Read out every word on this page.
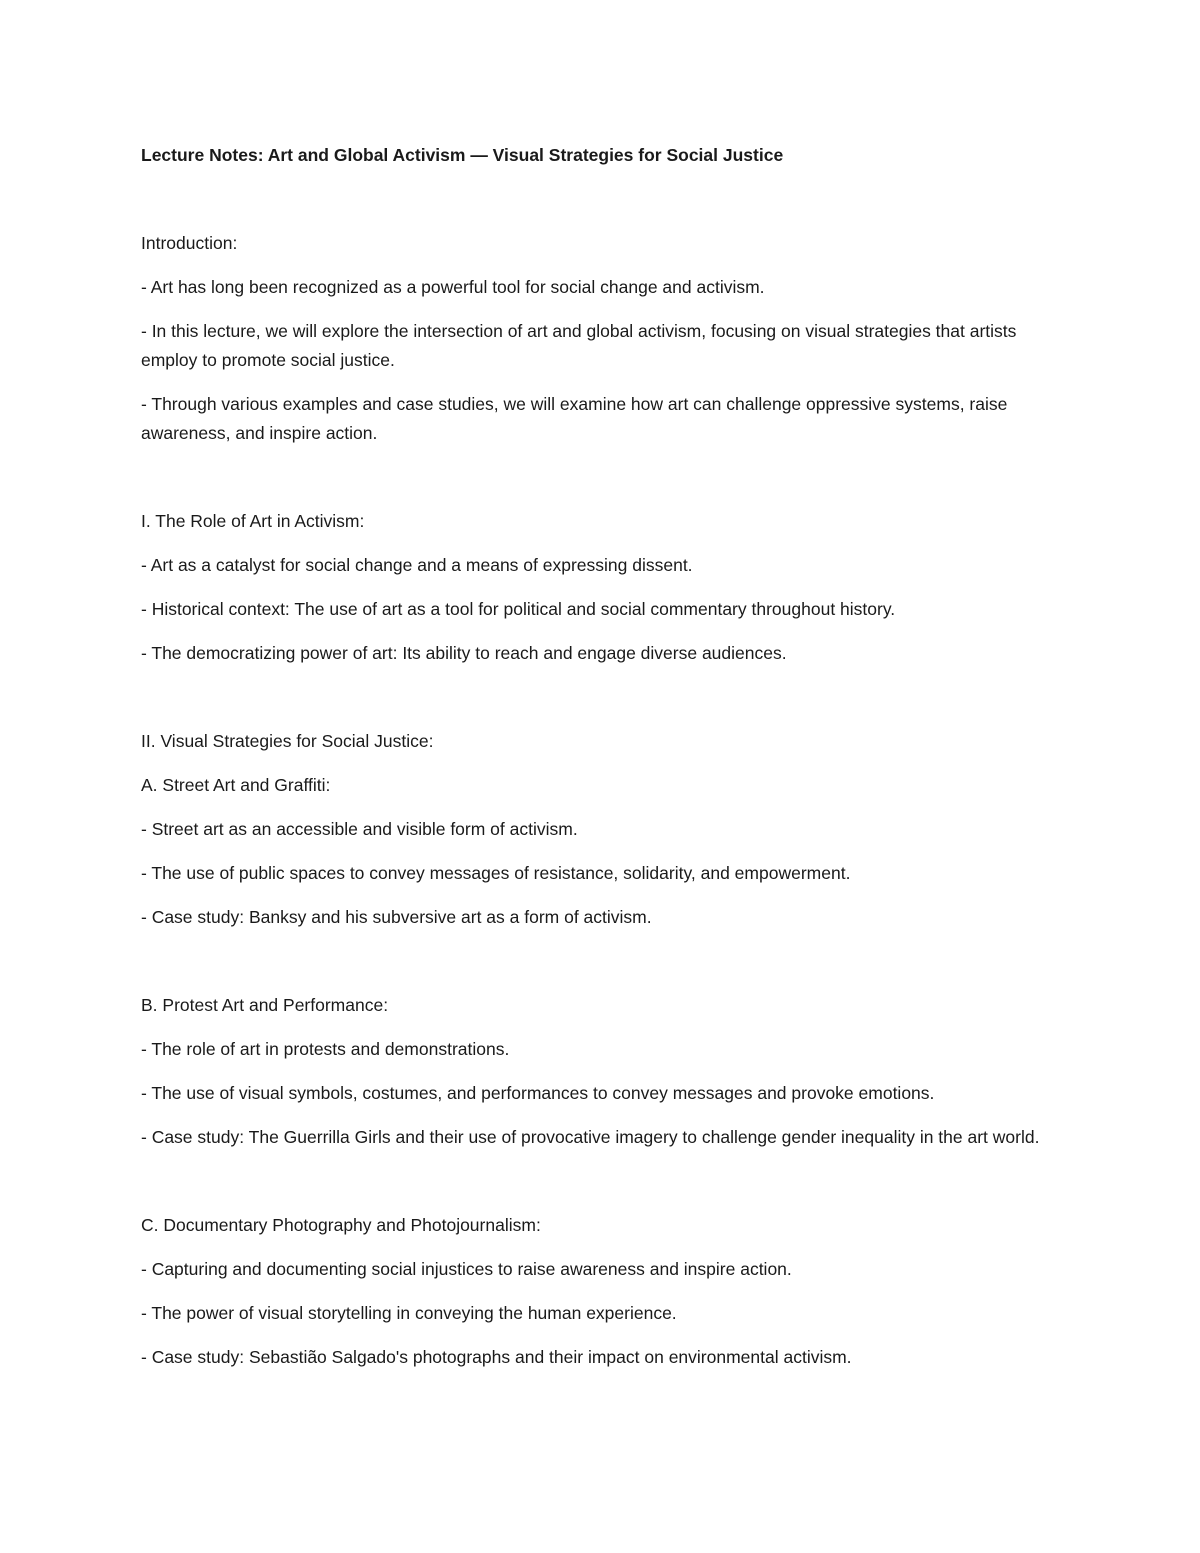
Lecture Notes: Art and Global Activism — Visual Strategies for Social Justice
Introduction:
- Art has long been recognized as a powerful tool for social change and activism.
- In this lecture, we will explore the intersection of art and global activism, focusing on visual strategies that artists employ to promote social justice.
- Through various examples and case studies, we will examine how art can challenge oppressive systems, raise awareness, and inspire action.
I. The Role of Art in Activism:
- Art as a catalyst for social change and a means of expressing dissent.
- Historical context: The use of art as a tool for political and social commentary throughout history.
- The democratizing power of art: Its ability to reach and engage diverse audiences.
II. Visual Strategies for Social Justice:
A. Street Art and Graffiti:
- Street art as an accessible and visible form of activism.
- The use of public spaces to convey messages of resistance, solidarity, and empowerment.
- Case study: Banksy and his subversive art as a form of activism.
B. Protest Art and Performance:
- The role of art in protests and demonstrations.
- The use of visual symbols, costumes, and performances to convey messages and provoke emotions.
- Case study: The Guerrilla Girls and their use of provocative imagery to challenge gender inequality in the art world.
C. Documentary Photography and Photojournalism:
- Capturing and documenting social injustices to raise awareness and inspire action.
- The power of visual storytelling in conveying the human experience.
- Case study: Sebastião Salgado's photographs and their impact on environmental activism.
